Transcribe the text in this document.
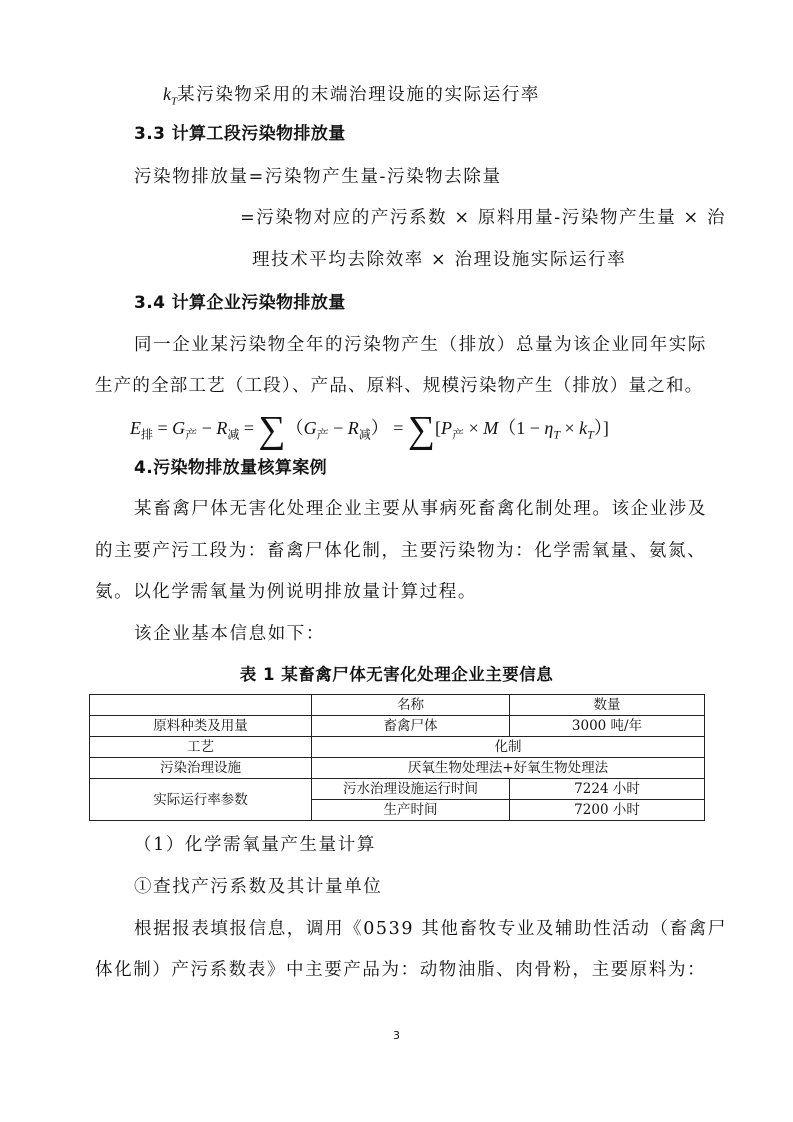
$k_T$某污染物采用的末端治理设施的实际运行率
3.3 计算工段污染物排放量
污染物排放量=污染物产生量-污染物去除量
=污染物对应的产污系数 × 原料用量-污染物产生量 × 治
理技术平均去除效率 × 治理设施实际运行率
3.4 计算企业污染物排放量
同一企业某污染物全年的污染物产生（排放）总量为该企业同年实际
生产的全部工艺（工段）、产品、原料、规模污染物产生（排放）量之和。
$E_排 = G_产 - R_减 = \sum(G_产 - R_减) = \sum[P_产 \times M(1 - \eta_T \times k_T)]$
4.污染物排放量核算案例
某畜禽尸体无害化处理企业主要从事病死畜禽化制处理。该企业涉及
的主要产污工段为：畜禽尸体化制，主要污染物为：化学需氧量、氨氮、
氨。以化学需氧量为例说明排放量计算过程。
该企业基本信息如下：
表 1 某畜禽尸体无害化处理企业主要信息
	名称	数量
原料种类及用量	畜禽尸体	3000 吨/年
工艺	化制	
污染治理设施	厌氧生物处理法+好氧生物处理法	
实际运行率参数	污水治理设施运行时间	7224 小时
	生产时间	7200 小时
（1）化学需氧量产生量计算
①查找产污系数及其计量单位
根据报表填报信息，调用《0539 其他畜牧专业及辅助性活动（畜禽尸
体化制）产污系数表》中主要产品为：动物油脂、肉骨粉，主要原料为：
3
